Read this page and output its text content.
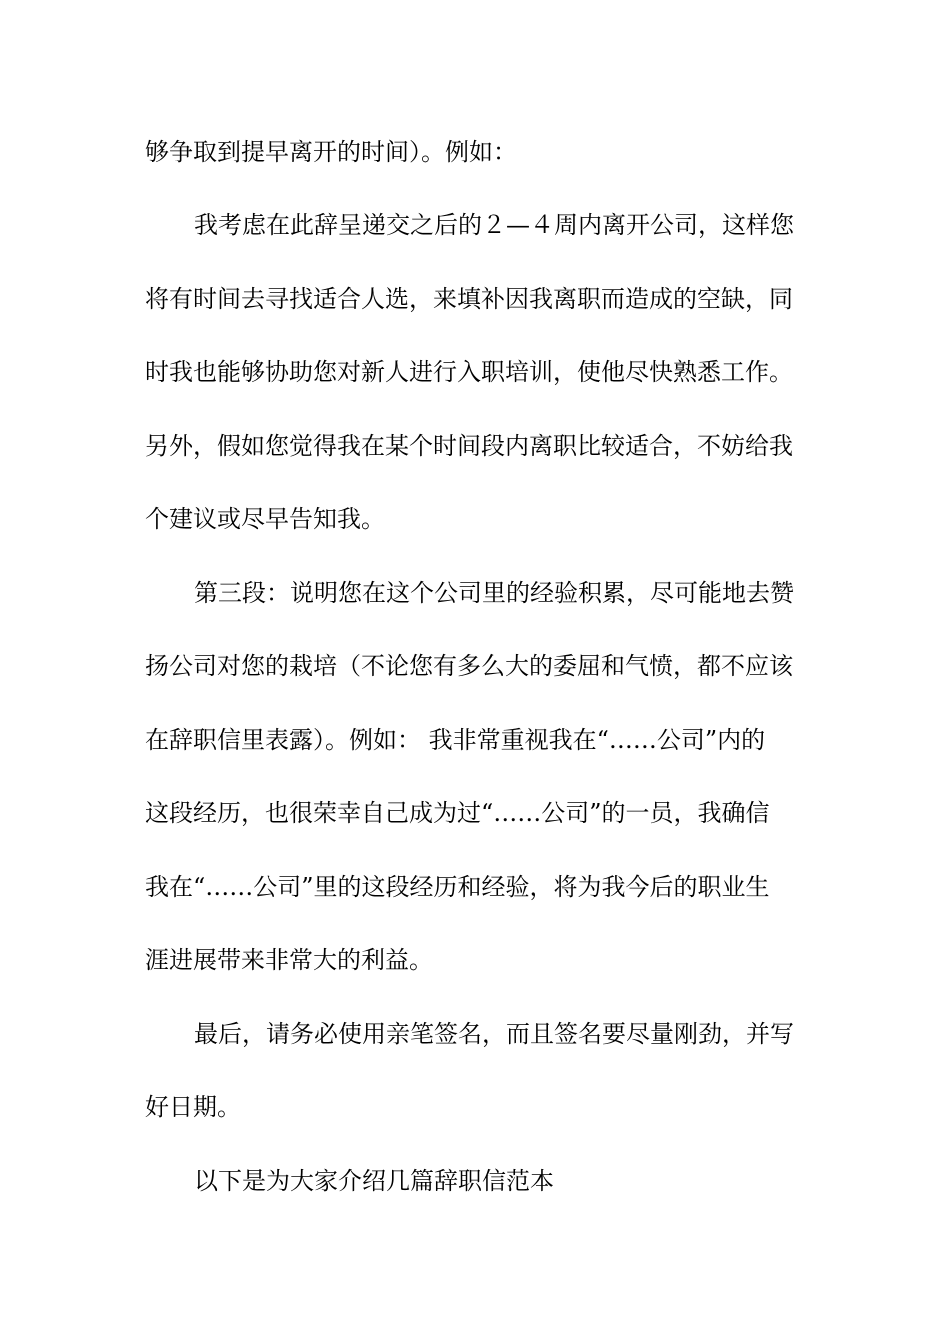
够争取到提早离开的时间）。例如：
我考虑在此辞呈递交之后的２—４周内离开公司，这样您
将有时间去寻找适合人选，来填补因我离职而造成的空缺，同
时我也能够协助您对新人进行入职培训，使他尽快熟悉工作。
另外，假如您觉得我在某个时间段内离职比较适合，不妨给我
个建议或尽早告知我。
第三段：说明您在这个公司里的经验积累，尽可能地去赞
扬公司对您的栽培（不论您有多么大的委屈和气愤，都不应该
在辞职信里表露）。例如： 我非常重视我在“……公司”内的
这段经历，也很荣幸自己成为过“……公司”的一员，我确信
我在“……公司”里的这段经历和经验，将为我今后的职业生
涯进展带来非常大的利益。
最后，请务必使用亲笔签名，而且签名要尽量刚劲，并写
好日期。
以下是为大家介绍几篇辞职信范本
